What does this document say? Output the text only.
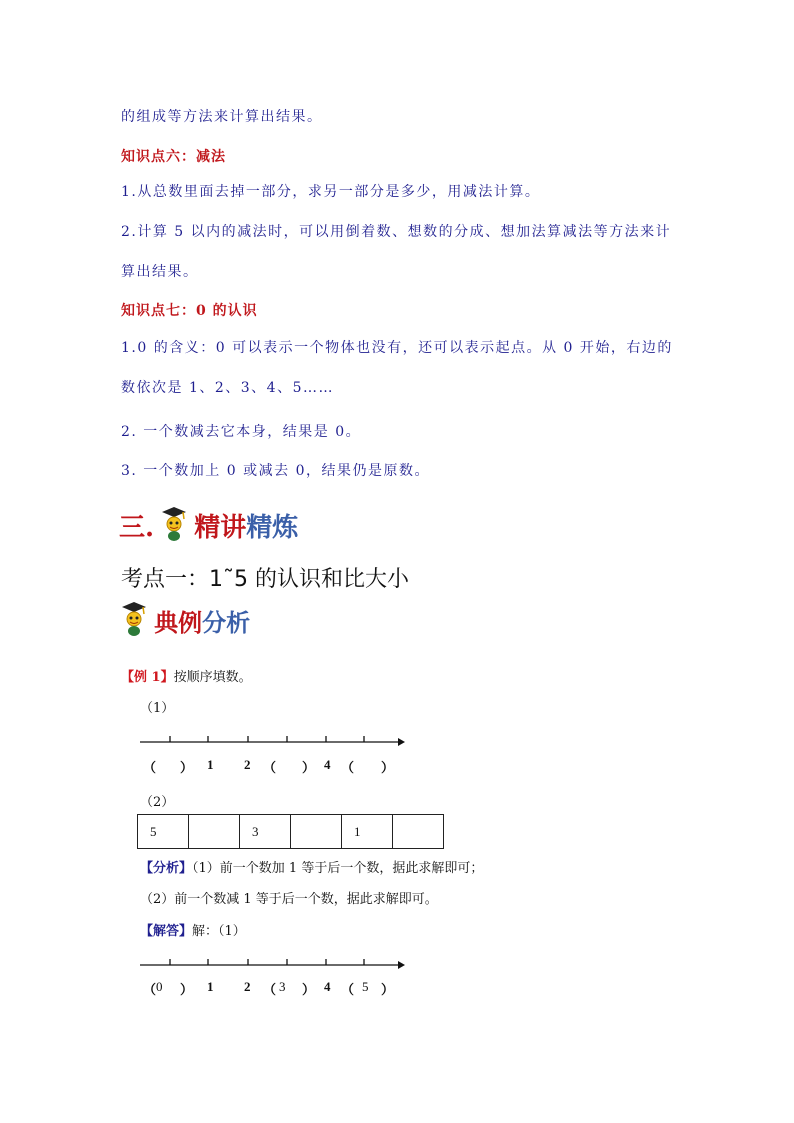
的组成等方法来计算出结果。
知识点六：减法
1.从总数里面去掉一部分，求另一部分是多少，用减法计算。
2.计算 5 以内的减法时，可以用倒着数、想数的分成、想加法算减法等方法来计
算出结果。
知识点七：0 的认识
1.0 的含义：0 可以表示一个物体也没有，还可以表示起点。从 0 开始，右边的
数依次是 1、2、3、4、5……
2. 一个数减去它本身，结果是 0。
3. 一个数加上 0 或减去 0，结果仍是原数。
三. 精讲精炼
考点一：1˜5 的认识和比大小
典例分析
【例 1】按顺序填数。
（1）
（ ） 1 2 （ ） 4 （ ）
（2）
5		3		1	
【分析】（1）前一个数加 1 等于后一个数，据此求解即可；
（2）前一个数减 1 等于后一个数，据此求解即可。
【解答】解：（1）
（ 0 ） 1 2 （ 3 ） 4 （ 5 ）
